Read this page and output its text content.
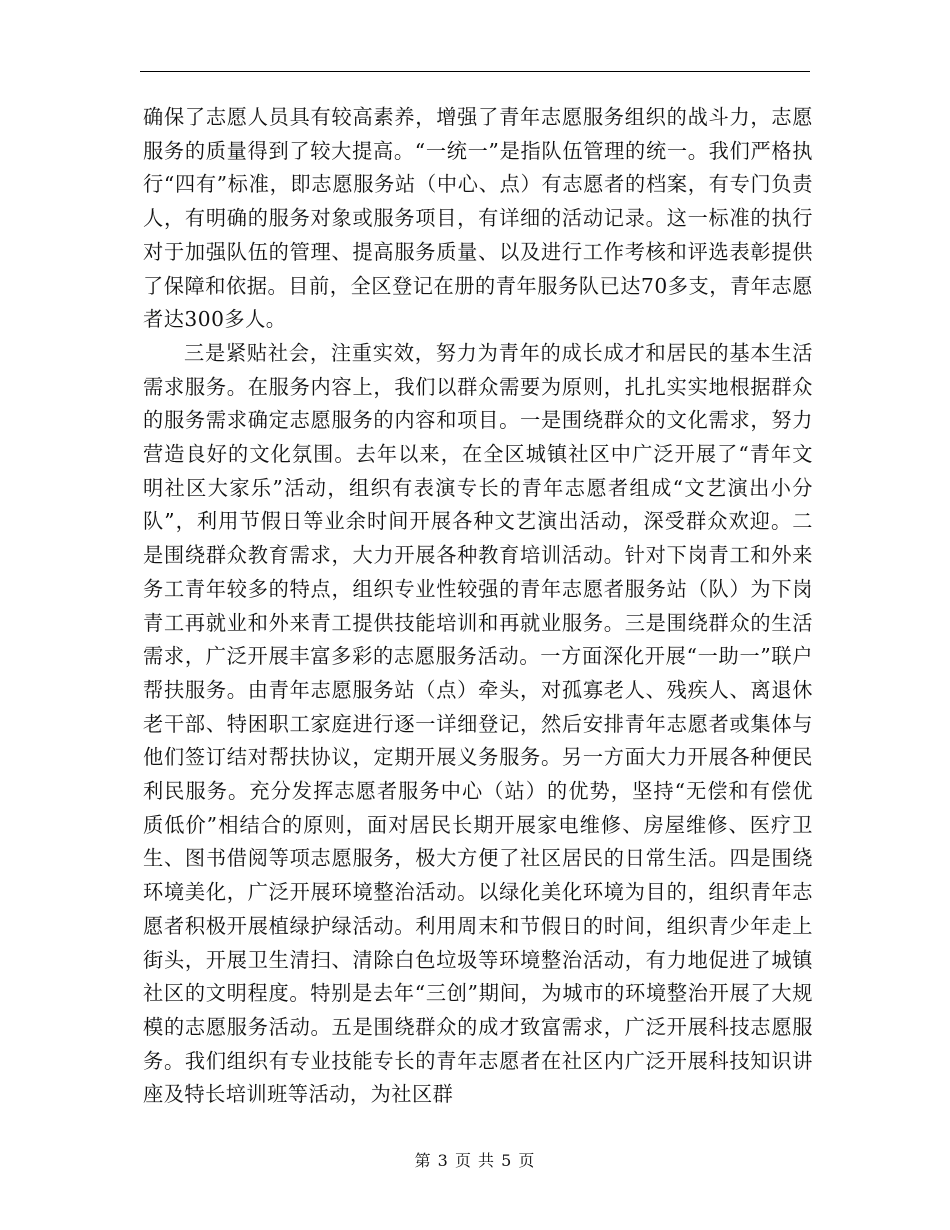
确保了志愿人员具有较高素养，增强了青年志愿服务组织的战斗力，志愿服务的质量得到了较大提高。“一统一”是指队伍管理的统一。我们严格执行“四有”标准，即志愿服务站（中心、点）有志愿者的档案，有专门负责人，有明确的服务对象或服务项目，有详细的活动记录。这一标准的执行对于加强队伍的管理、提高服务质量、以及进行工作考核和评选表彰提供了保障和依据。目前，全区登记在册的青年服务队已达70多支，青年志愿者达300多人。

三是紧贴社会，注重实效，努力为青年的成长成才和居民的基本生活需求服务。在服务内容上，我们以群众需要为原则，扎扎实实地根据群众的服务需求确定志愿服务的内容和项目。一是围绕群众的文化需求，努力营造良好的文化氛围。去年以来，在全区城镇社区中广泛开展了“青年文明社区大家乐”活动，组织有表演专长的青年志愿者组成“文艺演出小分队”，利用节假日等业余时间开展各种文艺演出活动，深受群众欢迎。二是围绕群众教育需求，大力开展各种教育培训活动。针对下岗青工和外来务工青年较多的特点，组织专业性较强的青年志愿者服务站（队）为下岗青工再就业和外来青工提供技能培训和再就业服务。三是围绕群众的生活需求，广泛开展丰富多彩的志愿服务活动。一方面深化开展“一助一”联户帮扶服务。由青年志愿服务站（点）牵头，对孤寡老人、残疾人、离退休老干部、特困职工家庭进行逐一详细登记，然后安排青年志愿者或集体与他们签订结对帮扶协议，定期开展义务服务。另一方面大力开展各种便民利民服务。充分发挥志愿者服务中心（站）的优势，坚持“无偿和有偿优质低价”相结合的原则，面对居民长期开展家电维修、房屋维修、医疗卫生、图书借阅等项志愿服务，极大方便了社区居民的日常生活。四是围绕环境美化，广泛开展环境整治活动。以绿化美化环境为目的，组织青年志愿者积极开展植绿护绿活动。利用周末和节假日的时间，组织青少年走上街头，开展卫生清扫、清除白色垃圾等环境整治活动，有力地促进了城镇社区的文明程度。特别是去年“三创”期间，为城市的环境整治开展了大规模的志愿服务活动。五是围绕群众的成才致富需求，广泛开展科技志愿服务。我们组织有专业技能专长的青年志愿者在社区内广泛开展科技知识讲座及特长培训班等活动，为社区群

第 3 页 共 5 页
